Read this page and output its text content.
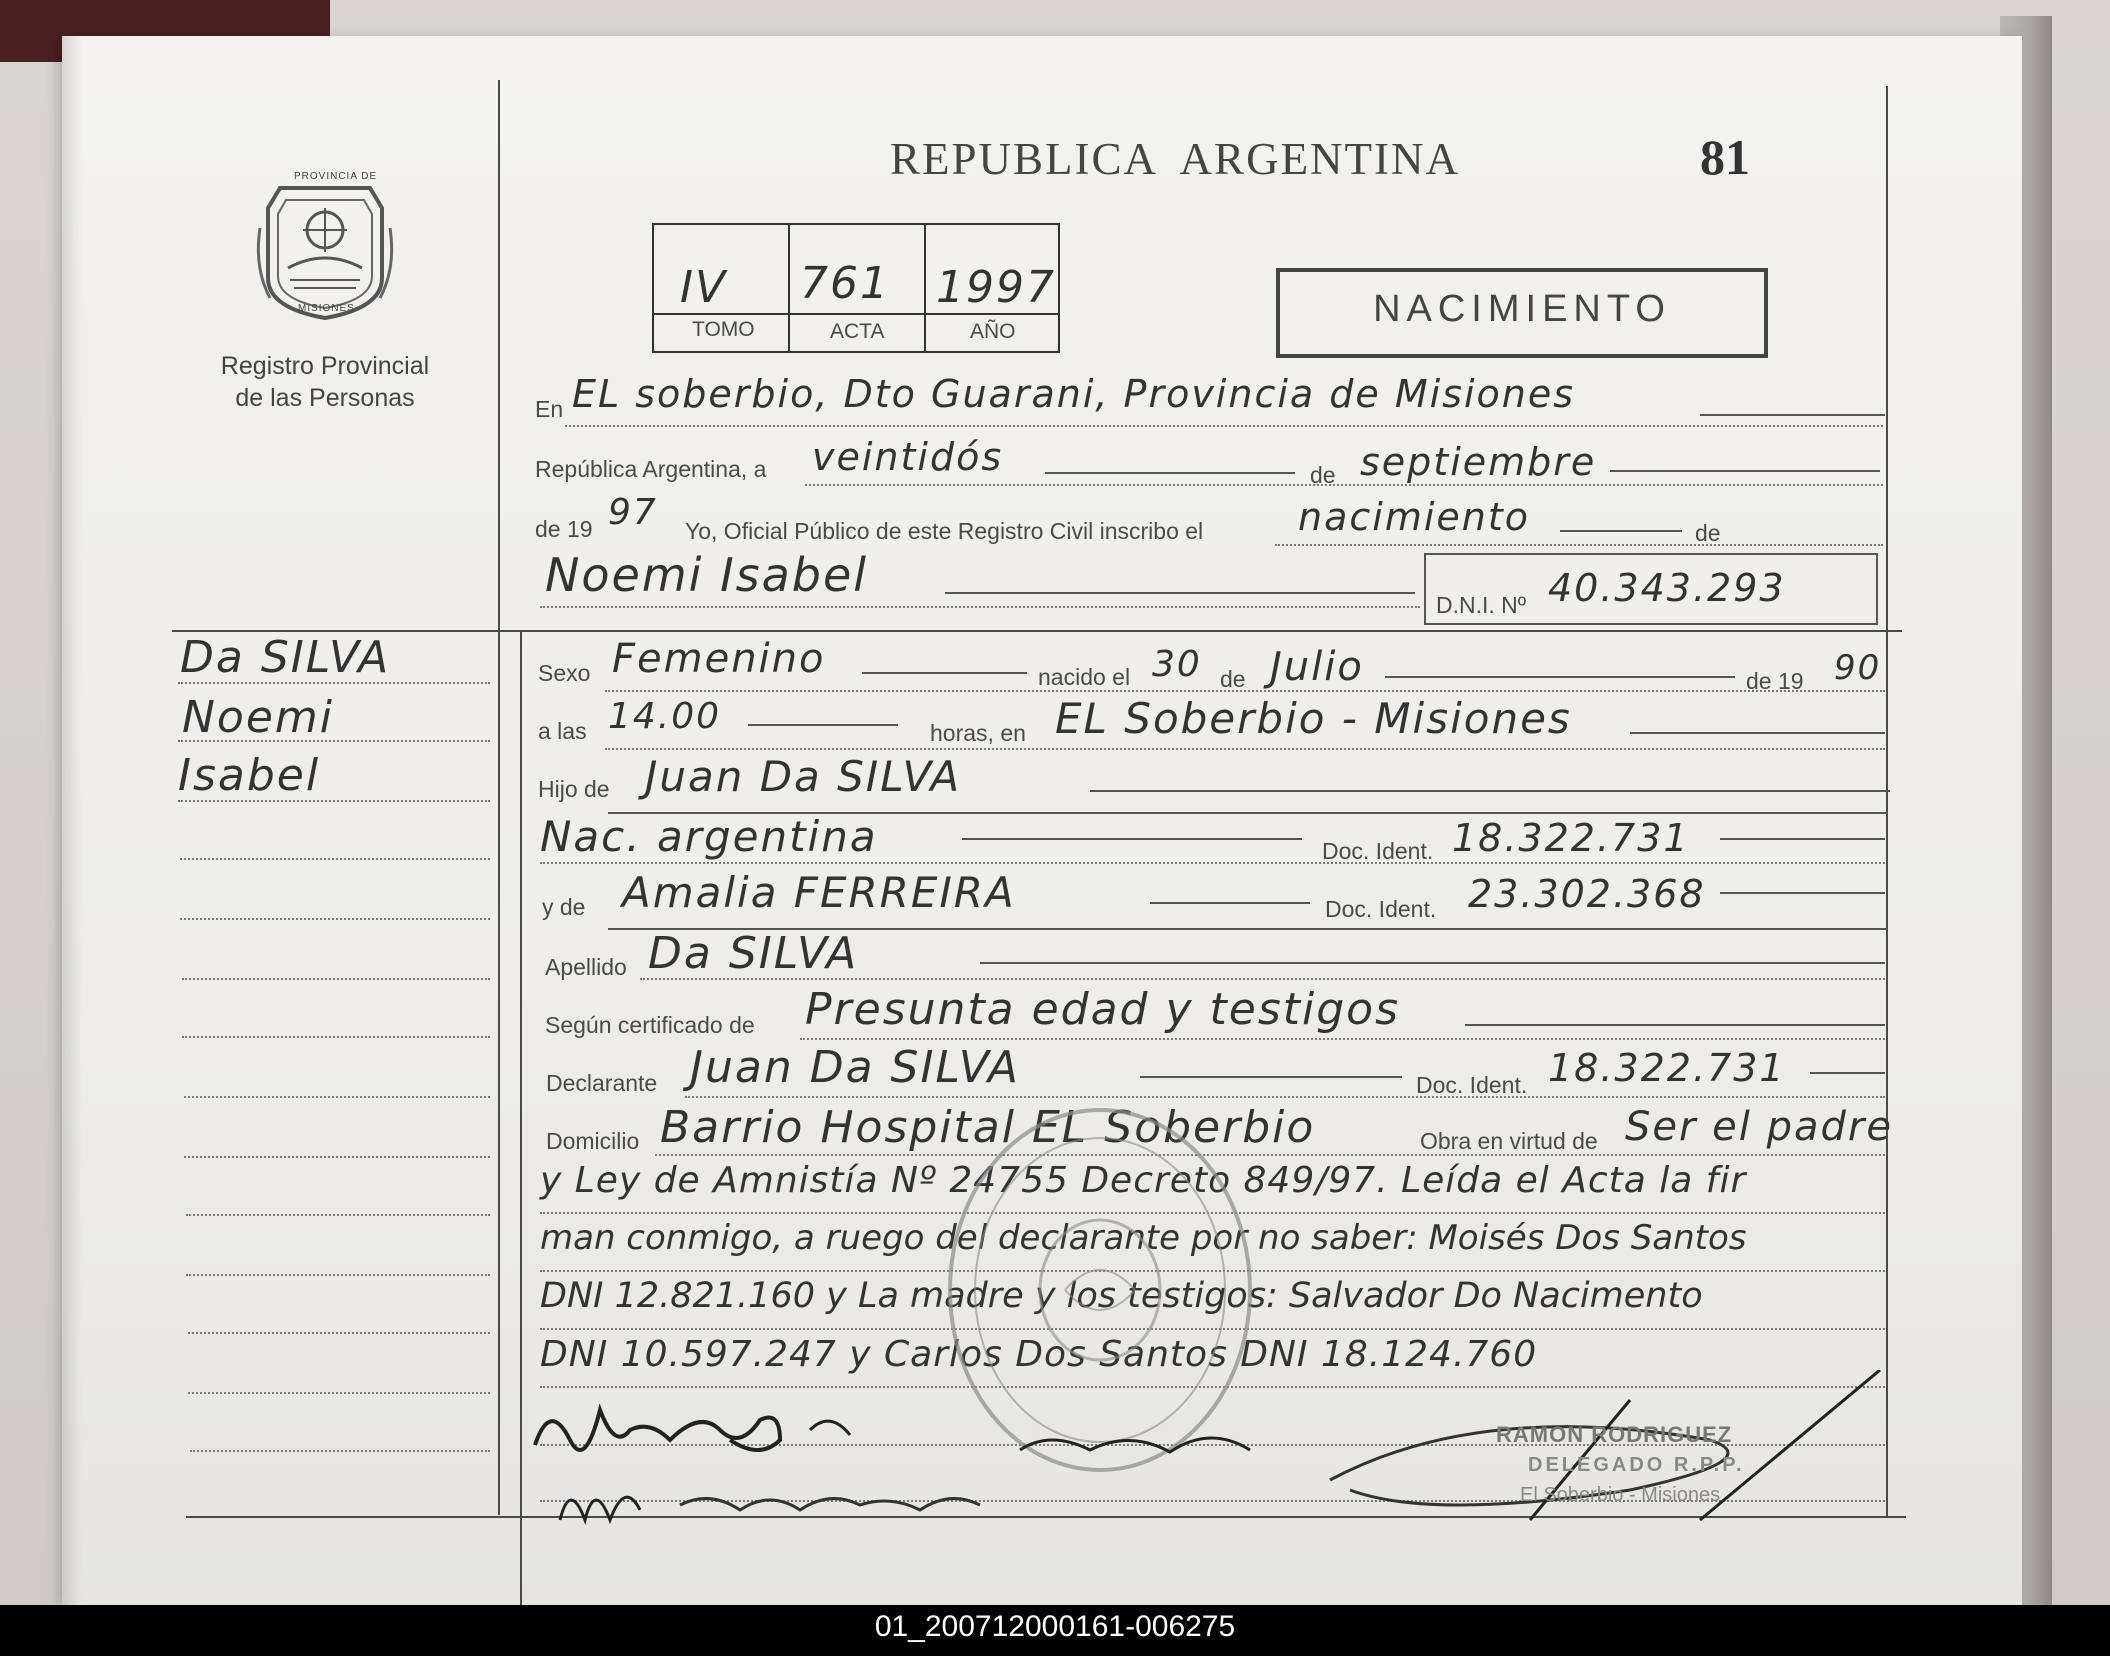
PROVINCIA DE
MISIONES
Registro Provincial
de las Personas
REPUBLICA  ARGENTINA	81
IV 761 1997
TOMO	ACTA	AÑO
NACIMIENTO
En EL soberbio, Dto Guarani, Provincia de Misiones
República Argentina, a veintidós	de septiembre
de 19 97 Yo, Oficial Público de este Registro Civil inscribo el nacimiento	de
Noemi Isabel
D.N.I. Nº 40.343.293
Da SILVA
Noemi
Isabel
Sexo Femenino	nacido el 30 de Julio	de 19 90
a las 14.00	horas, en EL Soberbio - Misiones
Hijo de Juan Da SILVA
Nac. argentina	Doc. Ident. 18.322.731
y de Amalia FERREIRA	Doc. Ident. 23.302.368
Apellido Da SILVA
Según certificado de Presunta edad y testigos
Declarante Juan Da SILVA	Doc. Ident. 18.322.731
Domicilio Barrio Hospital EL Soberbio	Obra en virtud de Ser el padre
y Ley de Amnistía Nº 24755 Decreto 849/97. Leída el Acta la fir
man conmigo, a ruego del declarante por no saber: Moisés Dos Santos
DNI 12.821.160 y La madre y los testigos: Salvador Do Nacimento
DNI 10.597.247 y Carlos Dos Santos DNI 18.124.760
RAMON RODRIGUEZ
DELEGADO R.P.P.
El Soberbio - Misiones
01_200712000161-006275
